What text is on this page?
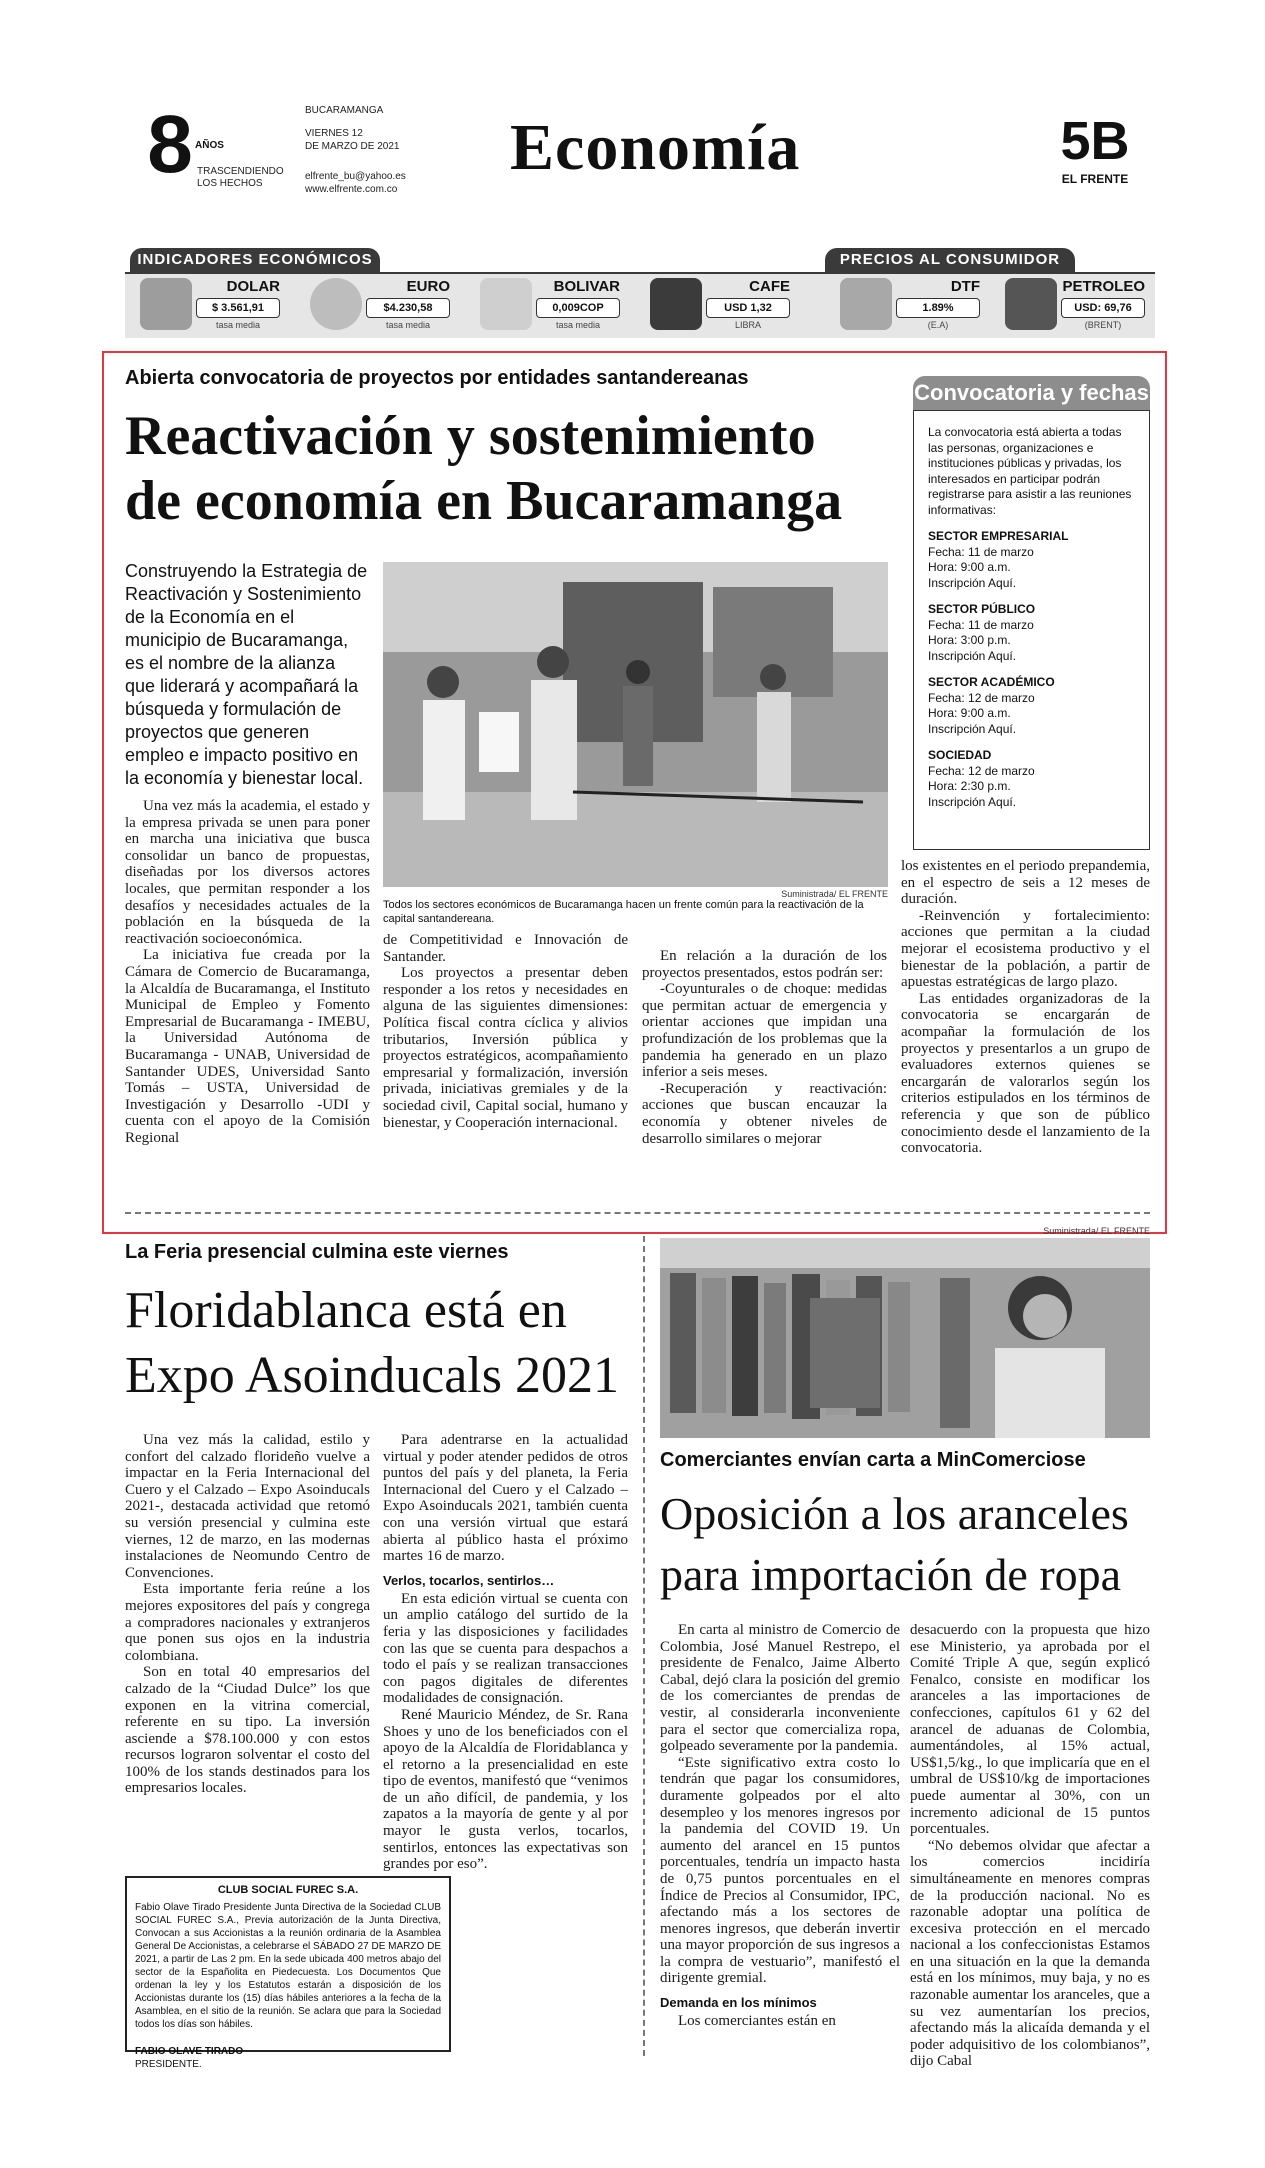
8 AÑOS
TRASCENDIENDO
LOS HECHOS
BUCARAMANGA
VIERNES 12
DE MARZO DE 2021
elfrente_bu@yahoo.es
www.elfrente.com.co
Economía	5B
EL FRENTE
INDICADORES ECONÓMICOS	PRECIOS AL CONSUMIDOR
DOLAR
$ 3.561,91
tasa media
EURO
$4.230,58
tasa media
BOLIVAR
0,009COP
tasa media
CAFE
USD 1,32
LIBRA
DTF
1.89%
(E.A)
PETROLEO
USD: 69,76
(BRENT)
Abierta convocatoria de proyectos por entidades santandereanas
Reactivación y sostenimiento
de economía en Bucaramanga
Construyendo la Estrategia de Reactivación y Sostenimiento de la Economía en el municipio de Bucaramanga, es el nombre de la alianza que liderará y acompañará la búsqueda y formulación de proyectos que generen empleo e impacto positivo en la economía y bienestar local.

Una vez más la academia, el estado y la empresa privada se unen para poner en marcha una iniciativa que busca consolidar un banco de propuestas, diseñadas por los diversos actores locales, que permitan responder a los desafíos y necesidades actuales de la población en la búsqueda de la reactivación socioeconómica.

La iniciativa fue creada por la Cámara de Comercio de Bucaramanga, la Alcaldía de Bucaramanga, el Instituto Municipal de Empleo y Fomento Empresarial de Bucaramanga - IMEBU, la Universidad Autónoma de Bucaramanga - UNAB, Universidad de Santander UDES, Universidad Santo Tomás – USTA, Universidad de Investigación y Desarrollo -UDI y cuenta con el apoyo de la Comisión Regional

Suministrada/ EL FRENTE
Todos los sectores económicos de Bucaramanga hacen un frente común para la reactivación de la capital santandereana.

de Competitividad e Innovación de Santander.

Los proyectos a presentar deben responder a los retos y necesidades en alguna de las siguientes dimensiones: Política fiscal contra cíclica y alivios tributarios, Inversión pública y proyectos estratégicos, acompañamiento empresarial y formalización, inversión privada, iniciativas gremiales y de la sociedad civil, Capital social, humano y bienestar, y Cooperación internacional.

En relación a la duración de los proyectos presentados, estos podrán ser:

-Coyunturales o de choque: medidas que permitan actuar de emergencia y orientar acciones que impidan una profundización de los problemas que la pandemia ha generado en un plazo inferior a seis meses.

-Recuperación y reactivación: acciones que buscan encauzar la economía y obtener niveles de desarrollo similares o mejorar

los existentes en el periodo prepandemia, en el espectro de seis a 12 meses de duración.

-Reinvención y fortalecimiento: acciones que permitan a la ciudad mejorar el ecosistema productivo y el bienestar de la población, a partir de apuestas estratégicas de largo plazo.

Las entidades organizadoras de la convocatoria se encargarán de acompañar la formulación de los proyectos y presentarlos a un grupo de evaluadores externos quienes se encargarán de valorarlos según los criterios estipulados en los términos de referencia y que son de público conocimiento desde el lanzamiento de la convocatoria.

Convocatoria y fechas
La convocatoria está abierta a todas las personas, organizaciones e instituciones públicas y privadas, los interesados en participar podrán registrarse para asistir a las reuniones informativas:
SECTOR EMPRESARIAL
Fecha: 11 de marzo
Hora: 9:00 a.m.
Inscripción Aquí.
SECTOR PÚBLICO
Fecha: 11 de marzo
Hora: 3:00 p.m.
Inscripción Aquí.
SECTOR ACADÉMICO
Fecha: 12 de marzo
Hora: 9:00 a.m.
Inscripción Aquí.
SOCIEDAD
Fecha: 12 de marzo
Hora: 2:30 p.m.
Inscripción Aquí.
La Feria presencial culmina este viernes
Floridablanca está en
Expo Asoinducals 2021

Una vez más la calidad, estilo y confort del calzado florideño vuelve a impactar en la Feria Internacional del Cuero y el Calzado – Expo Asoinducals 2021-, destacada actividad que retomó su versión presencial y culmina este viernes, 12 de marzo, en las modernas instalaciones de Neomundo Centro de Convenciones.

Esta importante feria reúne a los mejores expositores del país y congrega a compradores nacionales y extranjeros que ponen sus ojos en la industria colombiana.

Son en total 40 empresarios del calzado de la “Ciudad Dulce” los que exponen en la vitrina comercial, referente en su tipo. La inversión asciende a $78.100.000 y con estos recursos lograron solventar el costo del 100% de los stands destinados para los empresarios locales.

Para adentrarse en la actualidad virtual y poder atender pedidos de otros puntos del país y del planeta, la Feria Internacional del Cuero y el Calzado – Expo Asoinducals 2021, también cuenta con una versión virtual que estará abierta al público hasta el próximo martes 16 de marzo.

Verlos, tocarlos, sentirlos…

En esta edición virtual se cuenta con un amplio catálogo del surtido de la feria y las disposiciones y facilidades con las que se cuenta para despachos a todo el país y se realizan transacciones con pagos digitales de diferentes modalidades de consignación.

René Mauricio Méndez, de Sr. Rana Shoes y uno de los beneficiados con el apoyo de la Alcaldía de Floridablanca y el retorno a la presencialidad en este tipo de eventos, manifestó que “venimos de un año difícil, de pandemia, y los zapatos a la mayoría de gente y al por mayor le gusta verlos, tocarlos, sentirlos, entonces las expectativas son grandes por eso”.

CLUB SOCIAL FUREC S.A.
Fabio Olave Tirado Presidente Junta Directiva de la Sociedad CLUB SOCIAL FUREC S.A., Previa autorización de la Junta Directiva, Convocan a sus Accionistas a la reunión ordinaria de la Asamblea General De Accionistas, a celebrarse el SÁBADO 27 DE MARZO DE 2021, a partir de Las 2 pm. En la sede ubicada 400 metros abajo del sector de la Españolita en Piedecuesta. Los Documentos Que ordenan la ley y los Estatutos estarán a disposición de los Accionistas durante los (15) días hábiles anteriores a la fecha de la Asamblea, en el sitio de la reunión. Se aclara que para la Sociedad todos los días son hábiles.
FABIO OLAVE TIRADO
PRESIDENTE.
Suministrada/ EL FRENTE
Comerciantes envían carta a MinComerciose
Oposición a los aranceles
para importación de ropa

En carta al ministro de Comercio de Colombia, José Manuel Restrepo, el presidente de Fenalco, Jaime Alberto Cabal, dejó clara la posición del gremio de los comerciantes de prendas de vestir, al considerarla inconveniente para el sector que comercializa ropa, golpeado severamente por la pandemia.

“Este significativo extra costo lo tendrán que pagar los consumidores, duramente golpeados por el alto desempleo y los menores ingresos por la pandemia del COVID 19. Un aumento del arancel en 15 puntos porcentuales, tendría un impacto hasta de 0,75 puntos porcentuales en el Índice de Precios al Consumidor, IPC, afectando más a los sectores de menores ingresos, que deberán invertir una mayor proporción de sus ingresos a la compra de vestuario”, manifestó el dirigente gremial.

Demanda en los mínimos

Los comerciantes están en

desacuerdo con la propuesta que hizo ese Ministerio, ya aprobada por el Comité Triple A que, según explicó Fenalco, consiste en modificar los aranceles a las importaciones de confecciones, capítulos 61 y 62 del arancel de aduanas de Colombia, aumentándoles, al 15% actual, US$1,5/kg., lo que implicaría que en el umbral de US$10/kg de importaciones puede aumentar al 30%, con un incremento adicional de 15 puntos porcentuales.

“No debemos olvidar que afectar a los comercios incidiría simultáneamente en menores compras de la producción nacional. No es razonable adoptar una política de excesiva protección en el mercado nacional a los confeccionistas Estamos en una situación en la que la demanda está en los mínimos, muy baja, y no es razonable aumentar los aranceles, que a su vez aumentarían los precios, afectando más la alicaída demanda y el poder adquisitivo de los colombianos”, dijo Cabal
